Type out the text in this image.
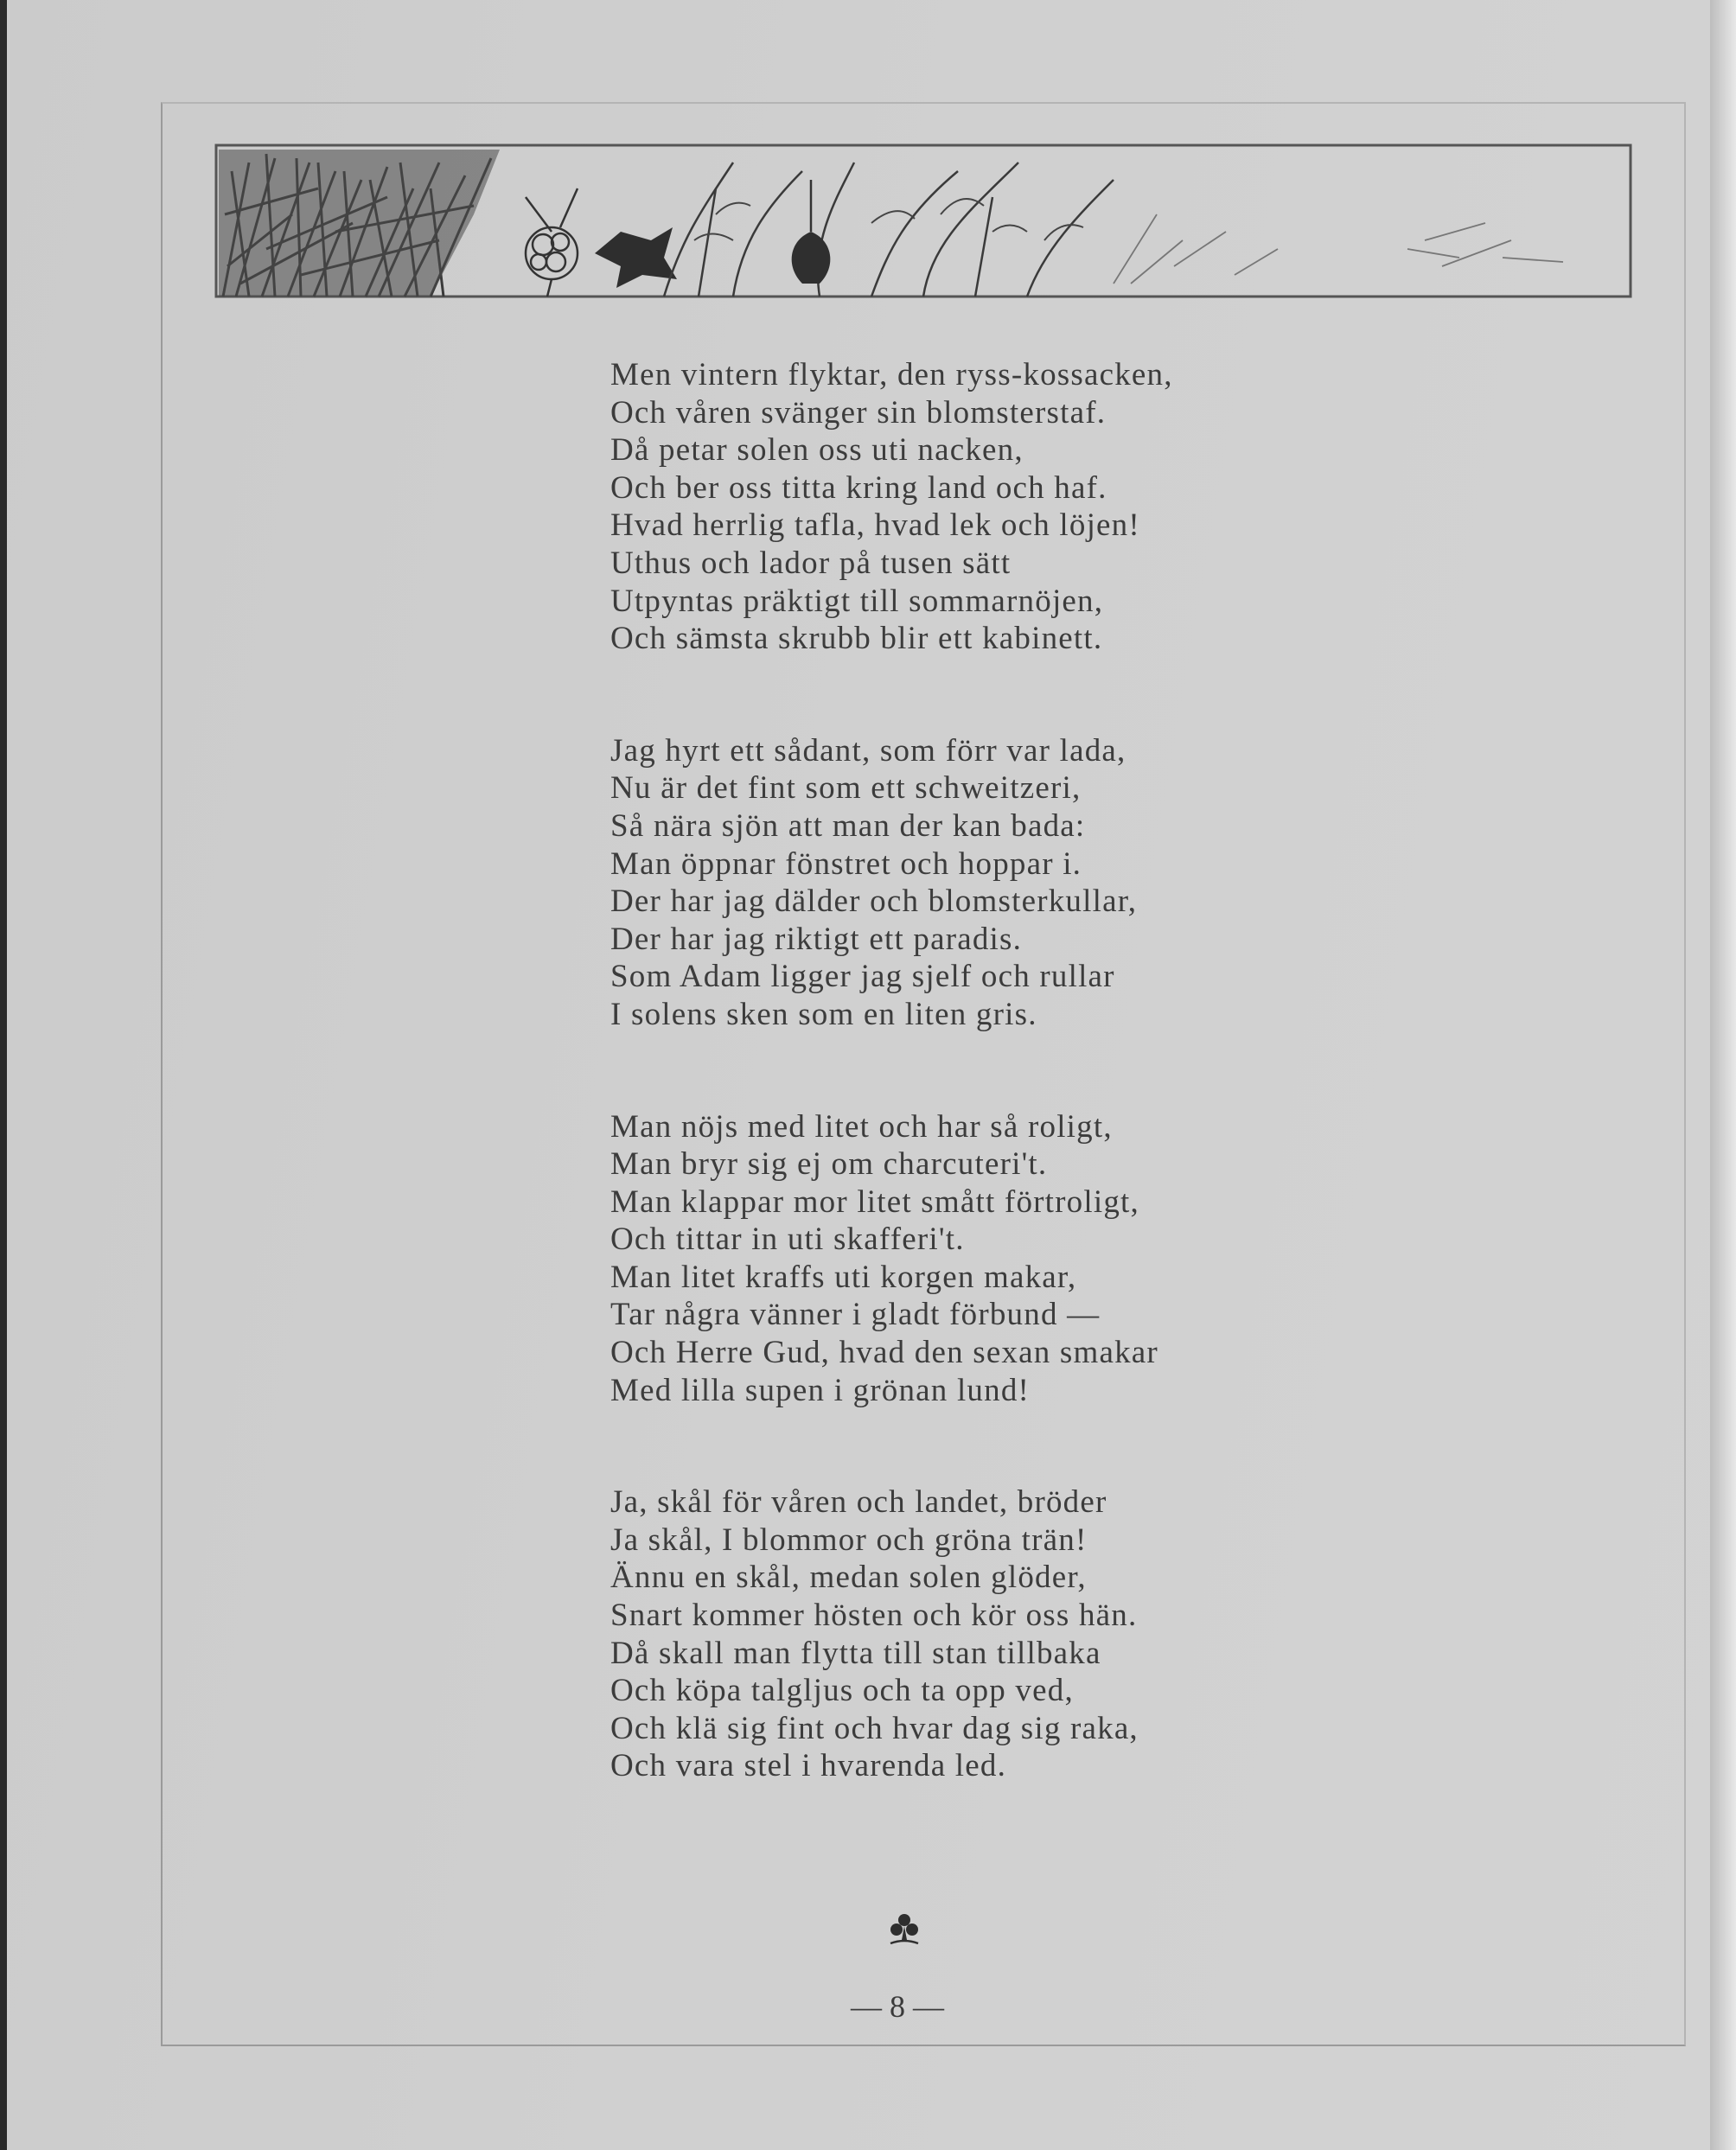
Men vintern flyktar, den ryss-kossacken,
Och våren svänger sin blomsterstaf.
Då petar solen oss uti nacken,
Och ber oss titta kring land och haf.
Hvad herrlig tafla, hvad lek och löjen!
Uthus och lador på tusen sätt
Utpyntas präktigt till sommarnöjen,
Och sämsta skrubb blir ett kabinett.

Jag hyrt ett sådant, som förr var lada,
Nu är det fint som ett schweitzeri,
Så nära sjön att man der kan bada:
Man öppnar fönstret och hoppar i.
Der har jag dälder och blomsterkullar,
Der har jag riktigt ett paradis.
Som Adam ligger jag sjelf och rullar
I solens sken som en liten gris.

Man nöjs med litet och har så roligt,
Man bryr sig ej om charcuteri't.
Man klappar mor litet smått förtroligt,
Och tittar in uti skafferi't.
Man litet kraffs uti korgen makar,
Tar några vänner i gladt förbund —
Och Herre Gud, hvad den sexan smakar
Med lilla supen i grönan lund!

Ja, skål för våren och landet, bröder
Ja skål, I blommor och gröna trän!
Ännu en skål, medan solen glöder,
Snart kommer hösten och kör oss hän.
Då skall man flytta till stan tillbaka
Och köpa talgljus och ta opp ved,
Och klä sig fint och hvar dag sig raka,
Och vara stel i hvarenda led.

— 8 —
